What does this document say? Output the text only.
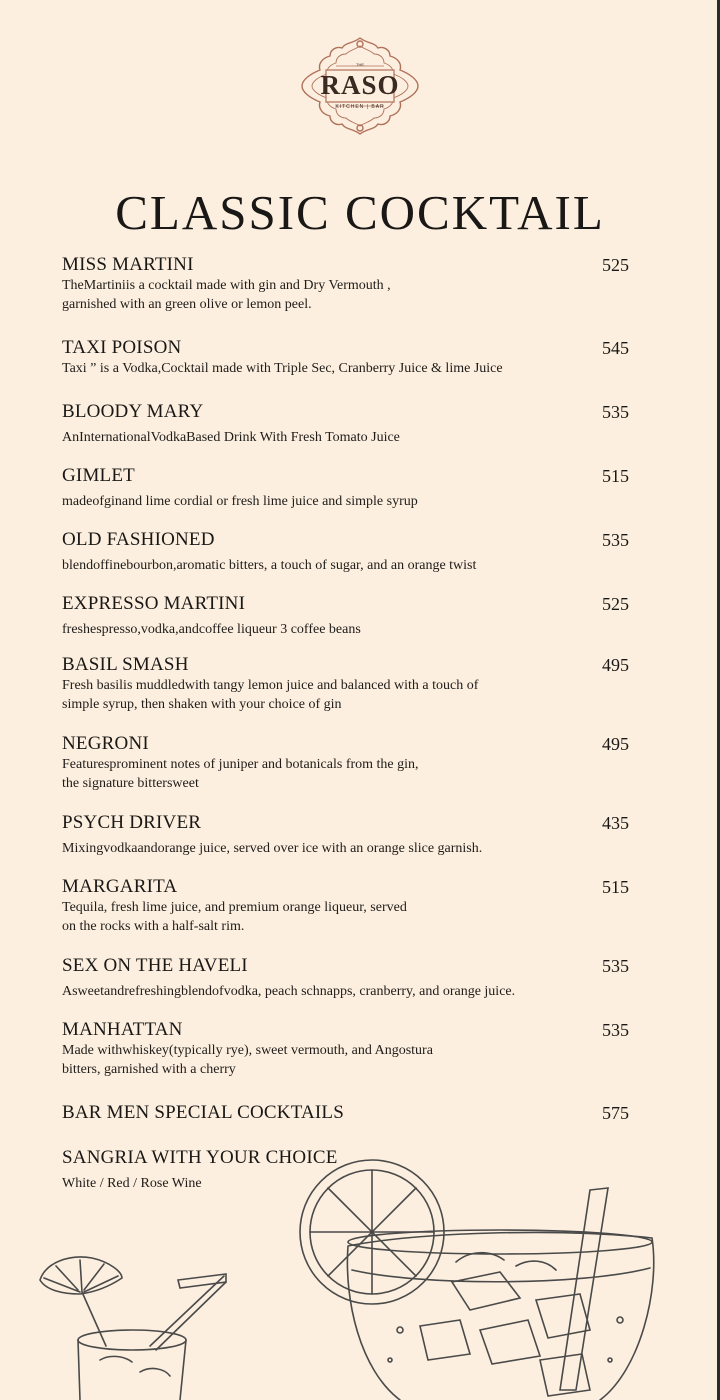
THE
RASO
KITCHEN | BAR
CLASSIC COCKTAIL
MISS MARTINI	525
TheMartiniis a cocktail made with gin and Dry Vermouth ,
garnished with an green olive or lemon peel.
TAXI POISON	545
Taxi ” is a Vodka,Cocktail made with Triple Sec, Cranberry Juice & lime Juice
BLOODY MARY	535
AnInternationalVodkaBased Drink With Fresh Tomato Juice
GIMLET	515
madeofginand lime cordial or fresh lime juice and simple syrup
OLD FASHIONED	535
blendoffinebourbon,aromatic bitters, a touch of sugar, and an orange twist
EXPRESSO MARTINI	525
freshespresso,vodka,andcoffee liqueur 3 coffee beans
BASIL SMASH	495
Fresh basilis muddledwith tangy lemon juice and balanced with a touch of
simple syrup, then shaken with your choice of gin
NEGRONI	495
Featuresprominent notes of juniper and botanicals from the gin,
the signature bittersweet
PSYCH DRIVER	435
Mixingvodkaandorange juice, served over ice with an orange slice garnish.
MARGARITA	515
Tequila, fresh lime juice, and premium orange liqueur, served
on the rocks with a half-salt rim.
SEX ON THE HAVELI	535
Asweetandrefreshingblendofvodka, peach schnapps, cranberry, and orange juice.
MANHATTAN	535
Made withwhiskey(typically rye), sweet vermouth, and Angostura
bitters, garnished with a cherry
BAR MEN SPECIAL COCKTAILS	575
SANGRIA WITH YOUR CHOICE
White / Red / Rose Wine
